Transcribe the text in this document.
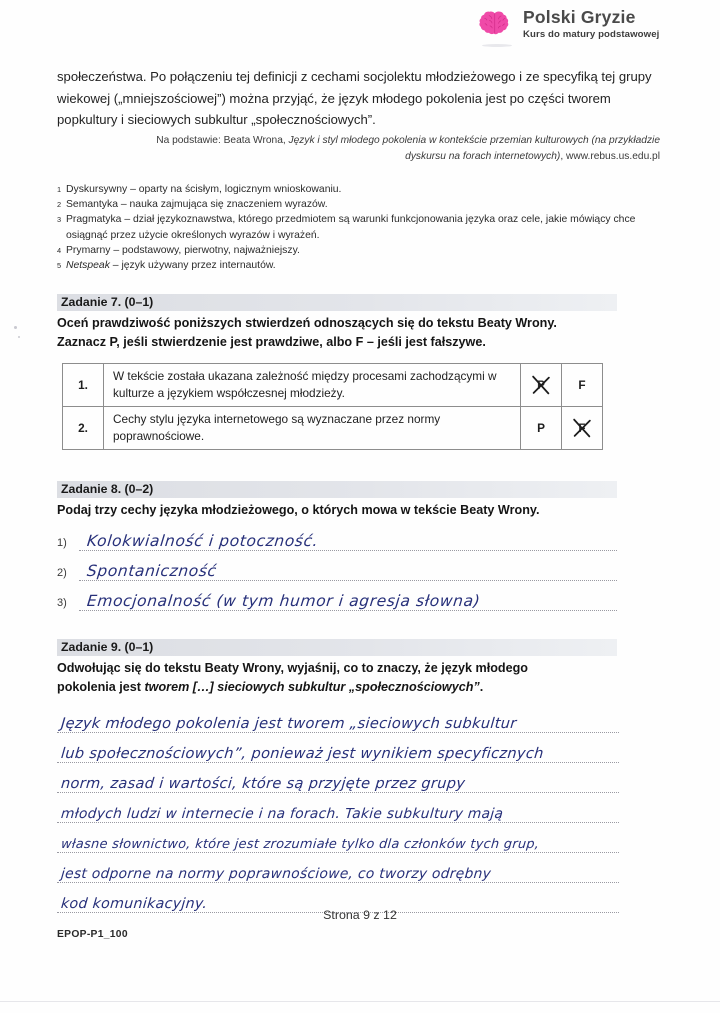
Polski Gryzie
Kurs do matury podstawowej

społeczeństwa. Po połączeniu tej definicji z cechami socjolektu młodzieżowego i ze specyfiką tej grupy wiekowej („mniejszościowej”) można przyjąć, że język młodego pokolenia jest po części tworem popkultury i sieciowych subkultur „społecznościowych”.

Na podstawie: Beata Wrona, Język i styl młodego pokolenia w kontekście przemian kulturowych (na przykładzie
dyskursu na forach internetowych), www.rebus.us.edu.pl
1 Dyskursywny – oparty na ścisłym, logicznym wnioskowaniu.
2 Semantyka – nauka zajmująca się znaczeniem wyrazów.
3 Pragmatyka – dział językoznawstwa, którego przedmiotem są warunki funkcjonowania języka oraz cele, jakie mówiący chce osiągnąć przez użycie określonych wyrazów i wyrażeń.
4 Prymarny – podstawowy, pierwotny, najważniejszy.
5 Netspeak – język używany przez internautów.
Zadanie 7. (0–1)
Oceń prawdziwość poniższych stwierdzeń odnoszących się do tekstu Beaty Wrony.
Zaznacz P, jeśli stwierdzenie jest prawdziwe, albo F – jeśli jest fałszywe.
1.	W tekście została ukazana zależność między procesami zachodzącymi w kulturze a językiem współczesnej młodzieży.	P	F
2.	Cechy stylu języka internetowego są wyznaczane przez normy poprawnościowe.	P	F
Zadanie 8. (0–2)
Podaj trzy cechy języka młodzieżowego, o których mowa w tekście Beaty Wrony.
1) Kolokwialność i potoczność.
2) Spontaniczność
3) Emocjonalność (w tym humor i agresja słowna)
Zadanie 9. (0–1)
Odwołując się do tekstu Beaty Wrony, wyjaśnij, co to znaczy, że język młodego
pokolenia jest tworem […] sieciowych subkultur „społecznościowych”.
Język młodego pokolenia jest tworem „sieciowych subkultur
lub społecznościowych”, ponieważ jest wynikiem specyficznych
norm, zasad i wartości, które są przyjęte przez grupy
młodych ludzi w internecie i na forach. Takie subkultury mają
własne słownictwo, które jest zrozumiałe tylko dla członków tych grup,
jest odporne na normy poprawnościowe, co tworzy odrębny
kod komunikacyjny.
Strona 9 z 12
EPOP-P1_100
